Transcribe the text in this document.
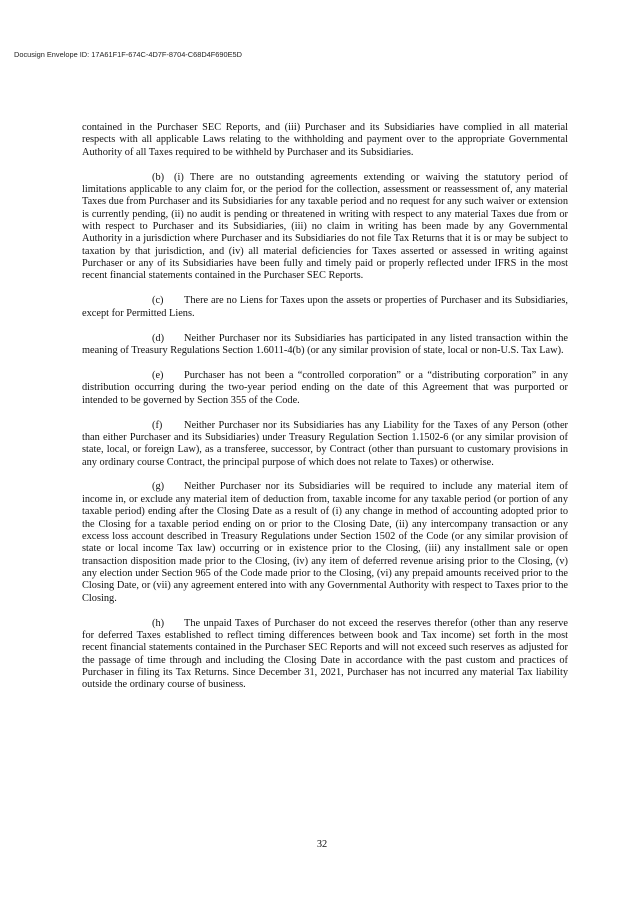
Docusign Envelope ID: 17A61F1F-674C-4D7F-8704-C68D4F690E5D

contained in the Purchaser SEC Reports, and (iii) Purchaser and its Subsidiaries have complied in all material respects with all applicable Laws relating to the withholding and payment over to the appropriate Governmental Authority of all Taxes required to be withheld by Purchaser and its Subsidiaries.

(b) (i) There are no outstanding agreements extending or waiving the statutory period of limitations applicable to any claim for, or the period for the collection, assessment or reassessment of, any material Taxes due from Purchaser and its Subsidiaries for any taxable period and no request for any such waiver or extension is currently pending, (ii) no audit is pending or threatened in writing with respect to any material Taxes due from or with respect to Purchaser and its Subsidiaries, (iii) no claim in writing has been made by any Governmental Authority in a jurisdiction where Purchaser and its Subsidiaries do not file Tax Returns that it is or may be subject to taxation by that jurisdiction, and (iv) all material deficiencies for Taxes asserted or assessed in writing against Purchaser or any of its Subsidiaries have been fully and timely paid or properly reflected under IFRS in the most recent financial statements contained in the Purchaser SEC Reports.

(c) There are no Liens for Taxes upon the assets or properties of Purchaser and its Subsidiaries, except for Permitted Liens.

(d) Neither Purchaser nor its Subsidiaries has participated in any listed transaction within the meaning of Treasury Regulations Section 1.6011-4(b) (or any similar provision of state, local or non-U.S. Tax Law).

(e) Purchaser has not been a “controlled corporation” or a “distributing corporation” in any distribution occurring during the two-year period ending on the date of this Agreement that was purported or intended to be governed by Section 355 of the Code.

(f) Neither Purchaser nor its Subsidiaries has any Liability for the Taxes of any Person (other than either Purchaser and its Subsidiaries) under Treasury Regulation Section 1.1502-6 (or any similar provision of state, local, or foreign Law), as a transferee, successor, by Contract (other than pursuant to customary provisions in any ordinary course Contract, the principal purpose of which does not relate to Taxes) or otherwise.

(g) Neither Purchaser nor its Subsidiaries will be required to include any material item of income in, or exclude any material item of deduction from, taxable income for any taxable period (or portion of any taxable period) ending after the Closing Date as a result of (i) any change in method of accounting adopted prior to the Closing for a taxable period ending on or prior to the Closing Date, (ii) any intercompany transaction or any excess loss account described in Treasury Regulations under Section 1502 of the Code (or any similar provision of state or local income Tax law) occurring or in existence prior to the Closing, (iii) any installment sale or open transaction disposition made prior to the Closing, (iv) any item of deferred revenue arising prior to the Closing, (v) any election under Section 965 of the Code made prior to the Closing, (vi) any prepaid amounts received prior to the Closing Date, or (vii) any agreement entered into with any Governmental Authority with respect to Taxes prior to the Closing.

(h) The unpaid Taxes of Purchaser do not exceed the reserves therefor (other than any reserve for deferred Taxes established to reflect timing differences between book and Tax income) set forth in the most recent financial statements contained in the Purchaser SEC Reports and will not exceed such reserves as adjusted for the passage of time through and including the Closing Date in accordance with the past custom and practices of Purchaser in filing its Tax Returns. Since December 31, 2021, Purchaser has not incurred any material Tax liability outside the ordinary course of business.

32
